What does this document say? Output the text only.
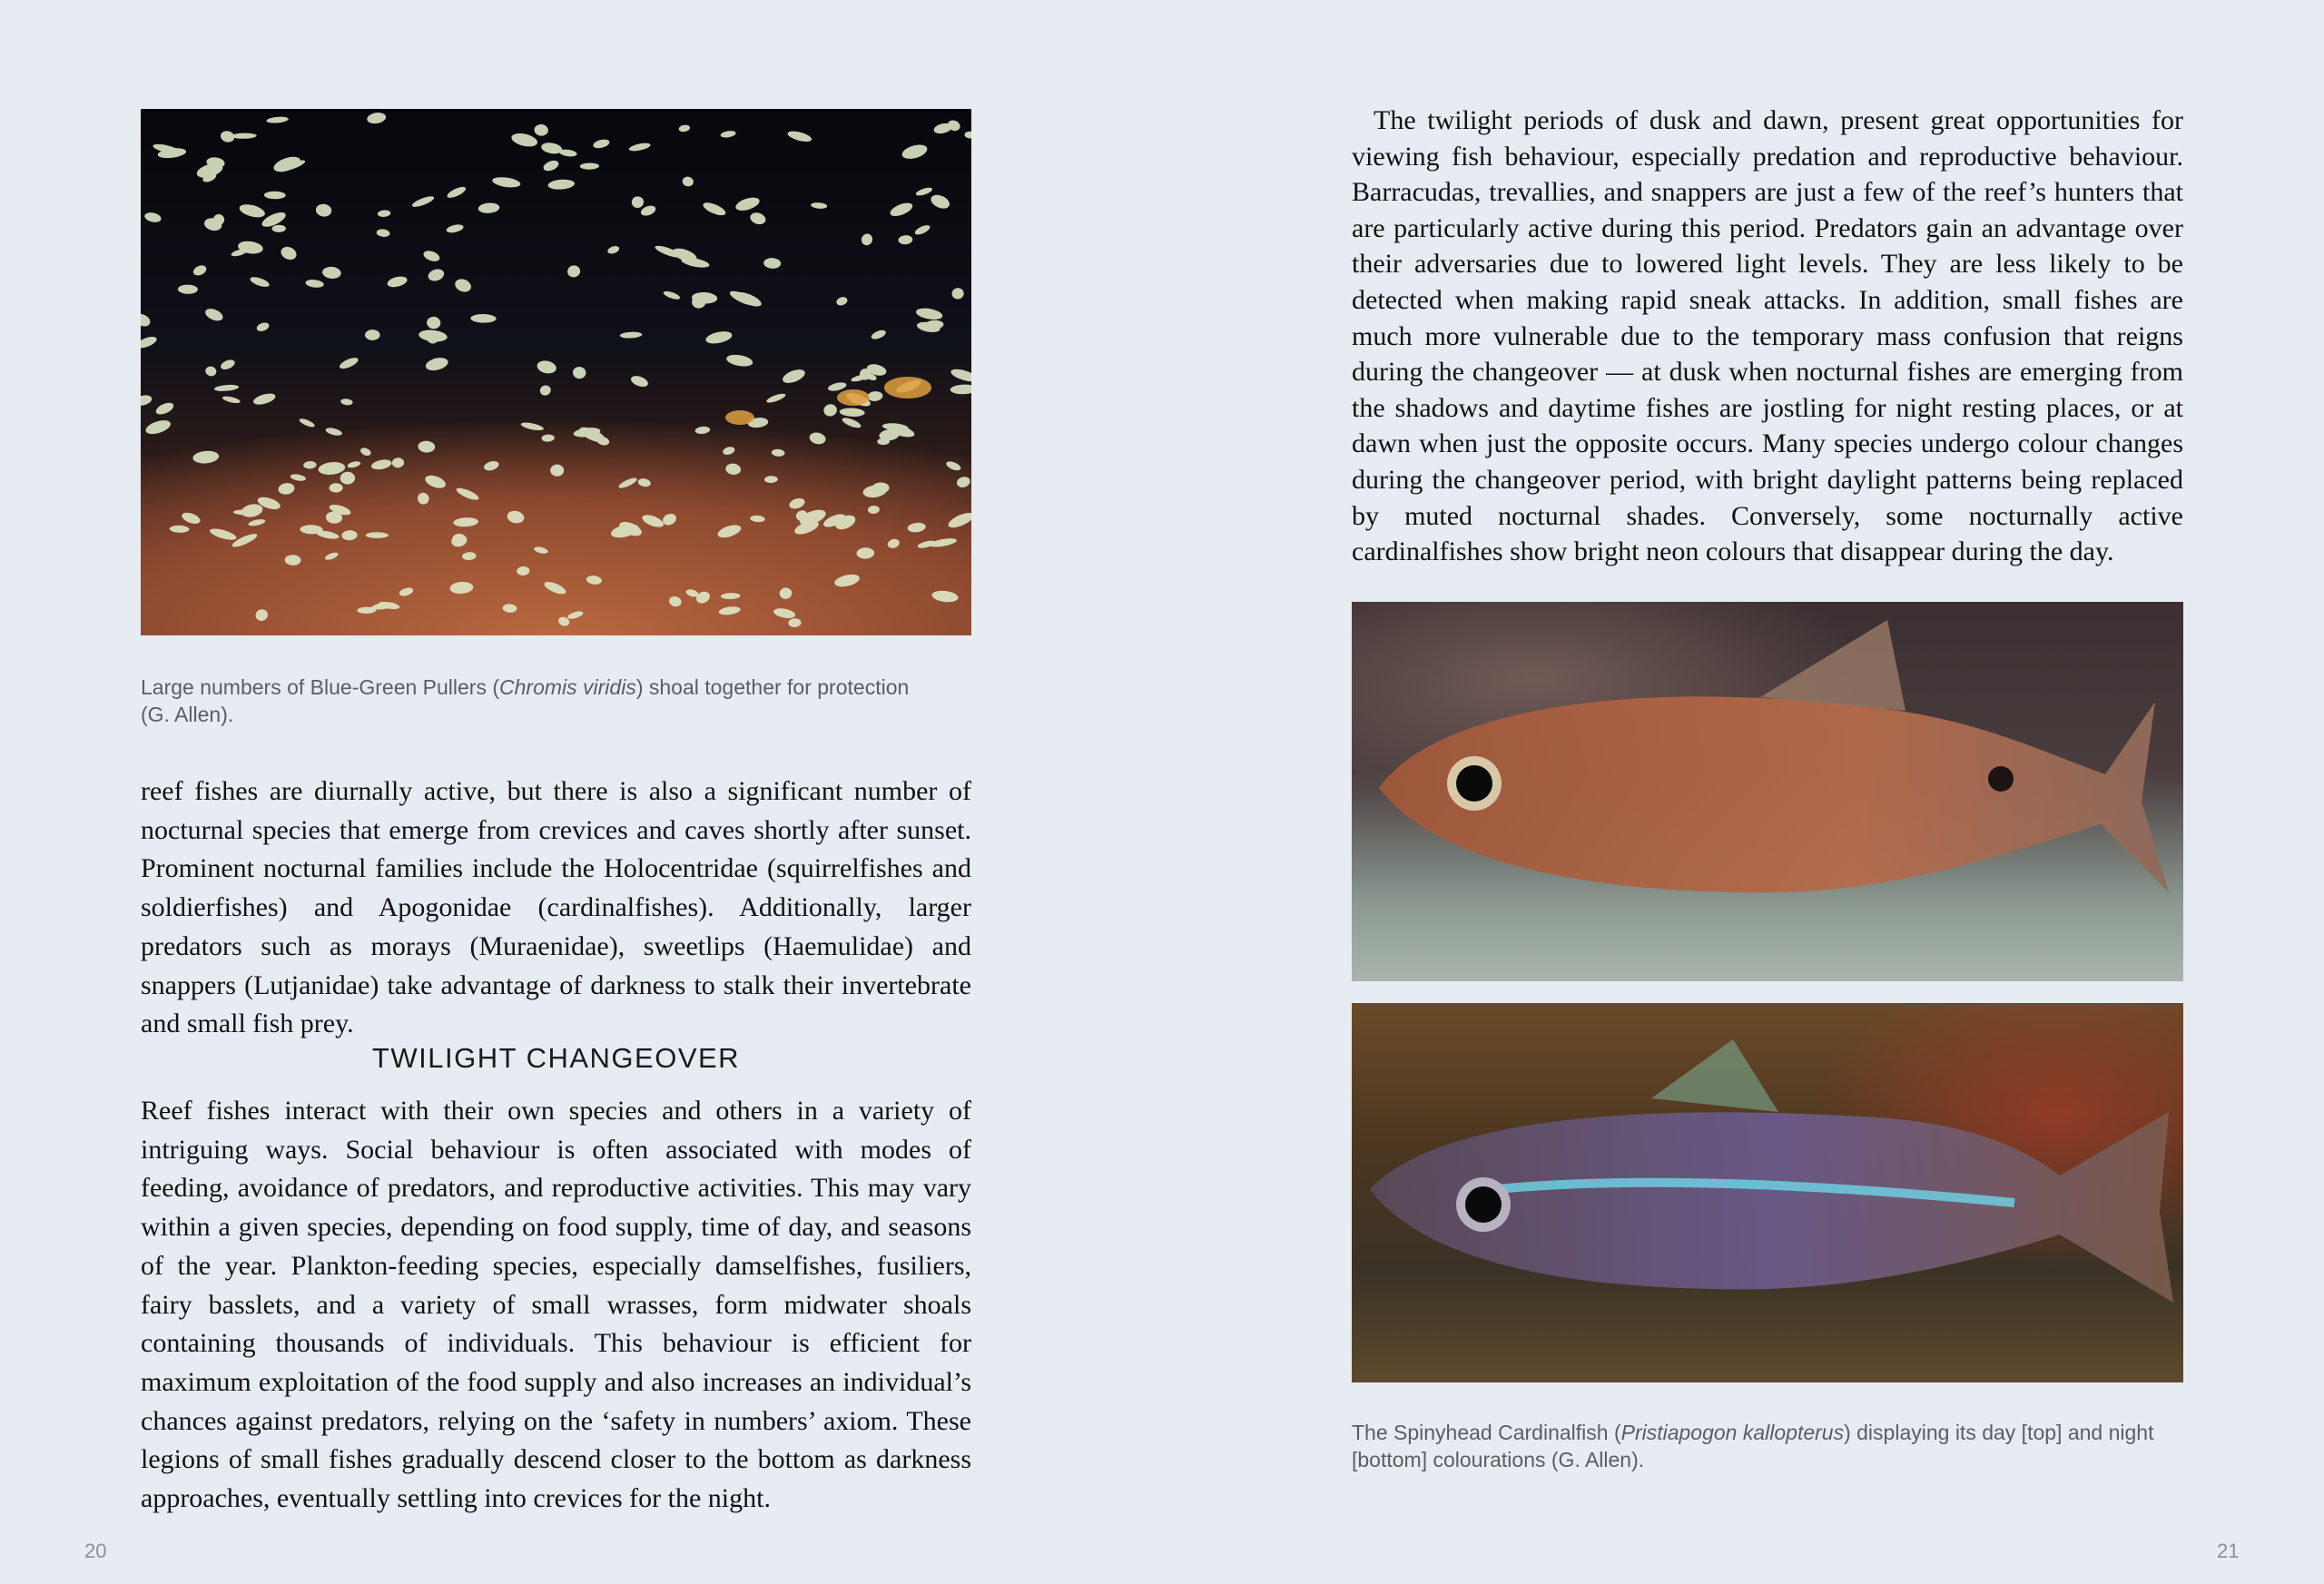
Large numbers of Blue-Green Pullers (Chromis viridis) shoal together for protection (G. Allen).

reef fishes are diurnally active, but there is also a significant number of nocturnal species that emerge from crevices and caves shortly after sunset. Prominent nocturnal families include the Holocentridae (squirrelfishes and soldierfishes) and Apogonidae (cardinalfishes). Additionally, larger predators such as morays (Muraenidae), sweetlips (Haemulidae) and snappers (Lutjanidae) take advantage of darkness to stalk their invertebrate and small fish prey.

TWILIGHT CHANGEOVER

Reef fishes interact with their own species and others in a variety of intriguing ways. Social behaviour is often associated with modes of feeding, avoidance of predators, and reproductive activities. This may vary within a given species, depending on food supply, time of day, and seasons of the year. Plankton-feeding species, especially damselfishes, fusiliers, fairy basslets, and a variety of small wrasses, form midwater shoals containing thousands of individuals. This behaviour is efficient for maximum exploitation of the food supply and also increases an individual’s chances against predators, relying on the ‘safety in numbers’ axiom. These legions of small fishes gradually descend closer to the bottom as darkness approaches, eventually settling into crevices for the night.

20

The twilight periods of dusk and dawn, present great opportunities for viewing fish behaviour, especially predation and reproductive behaviour. Barracudas, trevallies, and snappers are just a few of the reef’s hunters that are particularly active during this period. Predators gain an advantage over their adversaries due to lowered light levels. They are less likely to be detected when making rapid sneak attacks. In addition, small fishes are much more vulnerable due to the temporary mass confusion that reigns during the changeover — at dusk when nocturnal fishes are emerging from the shadows and daytime fishes are jostling for night resting places, or at dawn when just the opposite occurs. Many species undergo colour changes during the changeover period, with bright daylight patterns being replaced by muted nocturnal shades. Conversely, some nocturnally active cardinalfishes show bright neon colours that disappear during the day.

The Spinyhead Cardinalfish (Pristiapogon kallopterus) displaying its day [top] and night [bottom] colourations (G. Allen).

21
